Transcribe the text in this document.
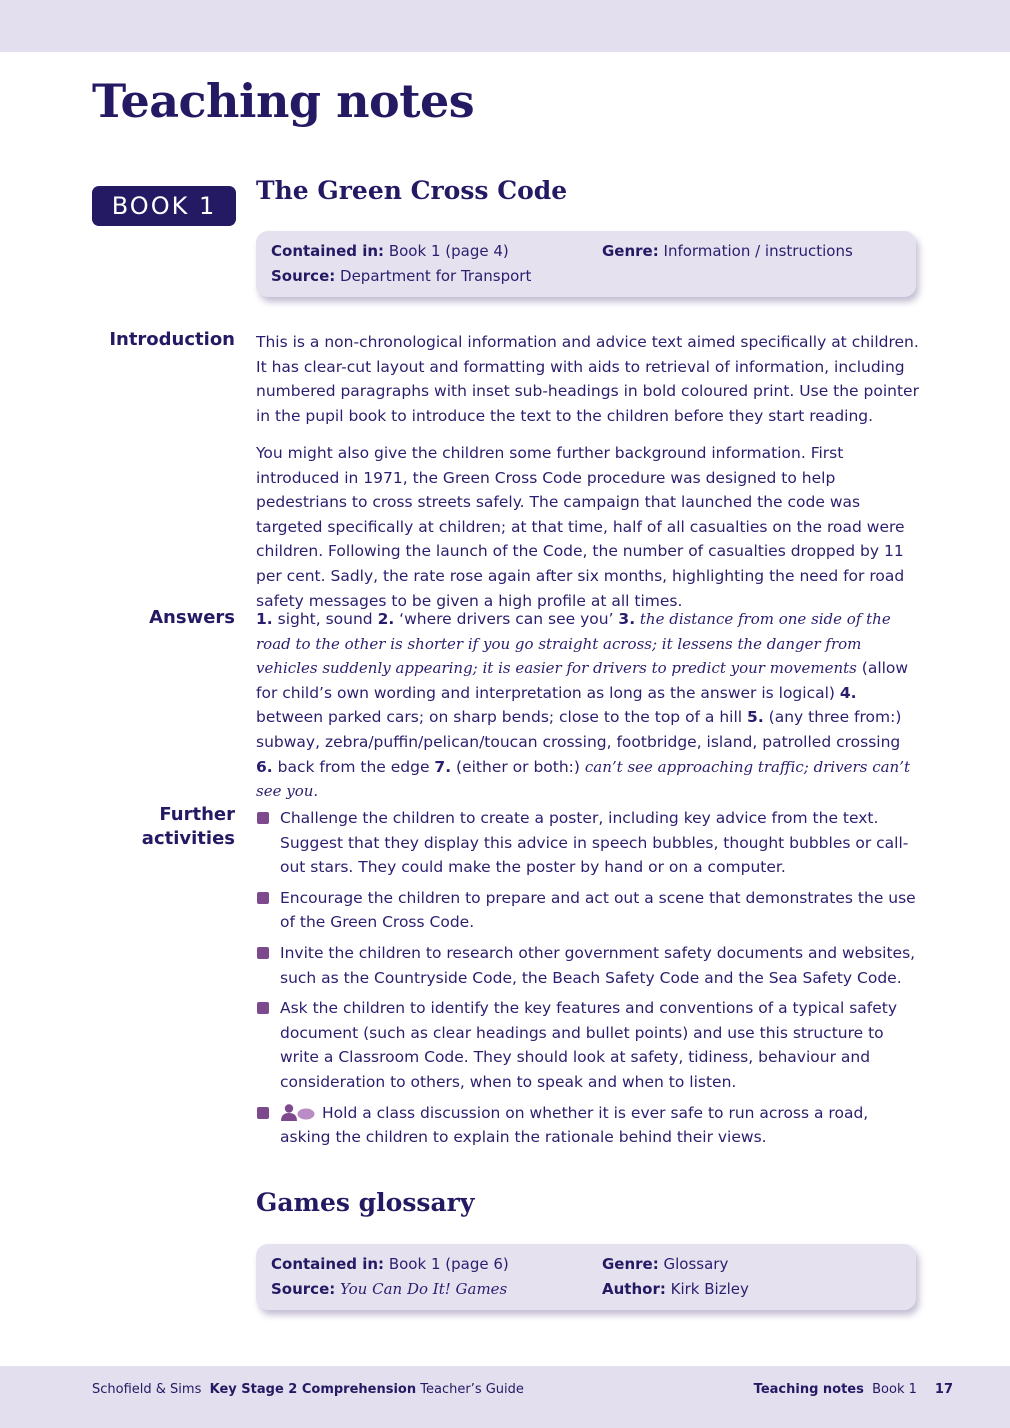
Teaching notes
BOOK 1
The Green Cross Code
Contained in: Book 1 (page 4)	Genre: Information / instructions
Source: Department for Transport
Introduction This is a non-chronological information and advice text aimed specifically at children. It has clear-cut layout and formatting with aids to retrieval of information, including numbered paragraphs with inset sub-headings in bold coloured print. Use the pointer in the pupil book to introduce the text to the children before they start reading.

You might also give the children some further background information. First introduced in 1971, the Green Cross Code procedure was designed to help pedestrians to cross streets safely. The campaign that launched the code was targeted specifically at children; at that time, half of all casualties on the road were children. Following the launch of the Code, the number of casualties dropped by 11 per cent. Sadly, the rate rose again after six months, highlighting the need for road safety messages to be given a high profile at all times.

Answers 1. sight, sound 2. ‘where drivers can see you’ 3. the distance from one side of the road to the other is shorter if you go straight across; it lessens the danger from vehicles suddenly appearing; it is easier for drivers to predict your movements (allow for child’s own wording and interpretation as long as the answer is logical) 4. between parked cars; on sharp bends; close to the top of a hill 5. (any three from:) subway, zebra/puffin/pelican/toucan crossing, footbridge, island, patrolled crossing 6. back from the edge 7. (either or both:) can’t see approaching traffic; drivers can’t see you.

Further
activities
Challenge the children to create a poster, including key advice from the text. Suggest that they display this advice in speech bubbles, thought bubbles or call-out stars. They could make the poster by hand or on a computer.
Encourage the children to prepare and act out a scene that demonstrates the use of the Green Cross Code.
Invite the children to research other government safety documents and websites, such as the Countryside Code, the Beach Safety Code and the Sea Safety Code.
Ask the children to identify the key features and conventions of a typical safety document (such as clear headings and bullet points) and use this structure to write a Classroom Code. They should look at safety, tidiness, behaviour and consideration to others, when to speak and when to listen.
Hold a class discussion on whether it is ever safe to run across a road, asking the children to explain the rationale behind their views.
Games glossary
Contained in: Book 1 (page 6)	Genre: Glossary
Source: You Can Do It! Games	Author: Kirk Bizley
Schofield & Sims Key Stage 2 Comprehension Teacher’s Guide	Teaching notes Book 1 17
